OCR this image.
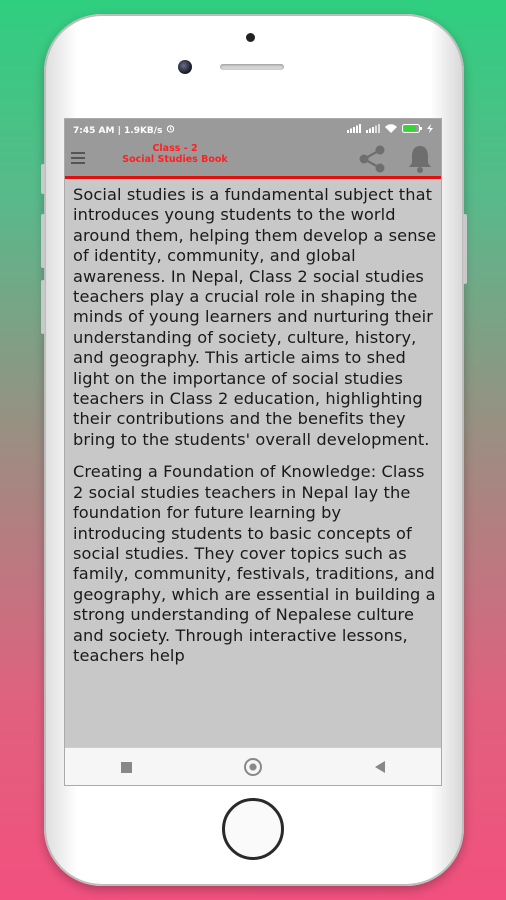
7:45 AM | 1.9KB/s
Class - 2
Social Studies Book

Social studies is a fundamental subject that introduces young students to the world around them, helping them develop a sense of identity, community, and global awareness. In Nepal, Class 2 social studies teachers play a crucial role in shaping the minds of young learners and nurturing their understanding of society, culture, history, and geography. This article aims to shed light on the importance of social studies teachers in Class 2 education, highlighting their contributions and the benefits they bring to the students' overall development.

Creating a Foundation of Knowledge: Class 2 social studies teachers in Nepal lay the foundation for future learning by introducing students to basic concepts of social studies. They cover topics such as family, community, festivals, traditions, and geography, which are essential in building a strong understanding of Nepalese culture and society. Through interactive lessons, teachers help
